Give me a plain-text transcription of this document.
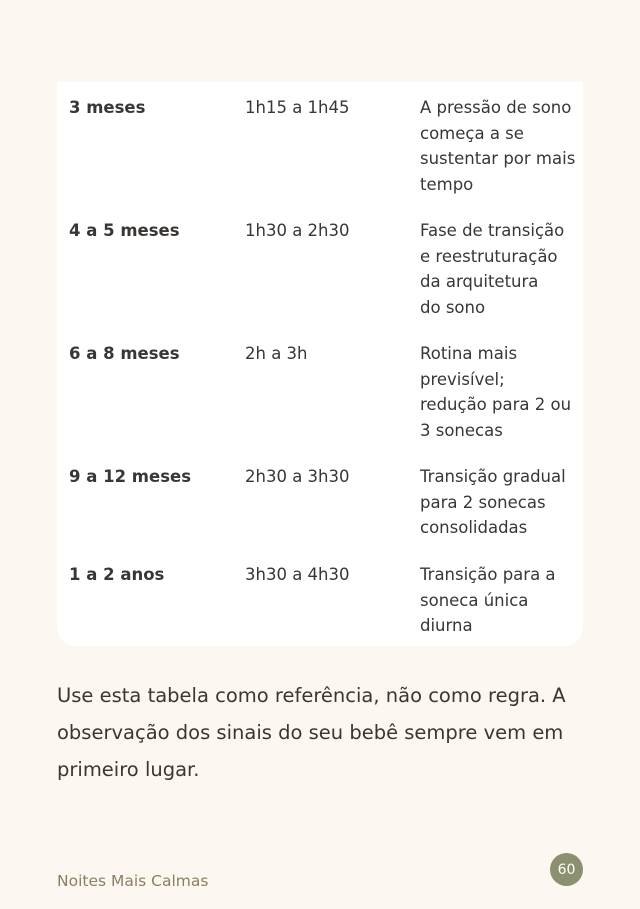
3 meses	1h15 a 1h45	A pressão de sono
começa a se
sustentar por mais
tempo
4 a 5 meses	1h30 a 2h30	Fase de transição
e reestruturação
da arquitetura
do sono
6 a 8 meses	2h a 3h	Rotina mais
previsível;
redução para 2 ou
3 sonecas
9 a 12 meses	2h30 a 3h30	Transição gradual
para 2 sonecas
consolidadas
1 a 2 anos	3h30 a 4h30	Transição para a
soneca única
diurna

Use esta tabela como referência, não como regra. A observação dos sinais do seu bebê sempre vem em primeiro lugar.

Noites Mais Calmas
60
